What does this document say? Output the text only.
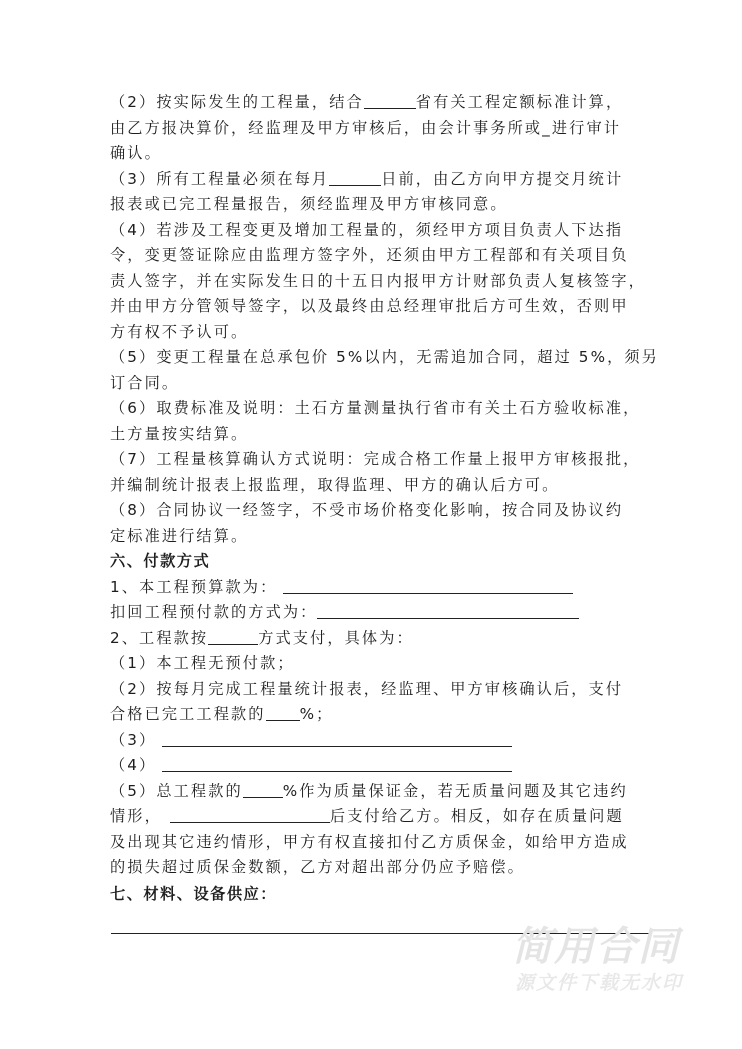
（2）按实际发生的工程量，结合	省有关工程定额标准计算，
由乙方报决算价，经监理及甲方审核后，由会计事务所或_进行审计
确认。
（3）所有工程量必须在每月	日前，由乙方向甲方提交月统计
报表或已完工程量报告，须经监理及甲方审核同意。
（4）若涉及工程变更及增加工程量的，须经甲方项目负责人下达指
令，变更签证除应由监理方签字外，还须由甲方工程部和有关项目负
责人签字，并在实际发生日的十五日内报甲方计财部负责人复核签字，
并由甲方分管领导签字，以及最终由总经理审批后方可生效，否则甲
方有权不予认可。
（5）变更工程量在总承包价 5%以内，无需追加合同，超过 5%，须另
订合同。
（6）取费标准及说明：土石方量测量执行省市有关土石方验收标准，
土方量按实结算。
（7）工程量核算确认方式说明：完成合格工作量上报甲方审核报批，
并编制统计报表上报监理，取得监理、甲方的确认后方可。
（8）合同协议一经签字，不受市场价格变化影响，按合同及协议约
定标准进行结算。
六、付款方式
1、本工程预算款为：
扣回工程预付款的方式为：
2、工程款按	方式支付，具体为：
（1）本工程无预付款；
（2）按每月完成工程量统计报表，经监理、甲方审核确认后，支付
合格已完工工程款的 %；
（3）
（4）
（5）总工程款的	%作为质量保证金，若无质量问题及其它违约
情形，	后支付给乙方。相反，如存在质量问题
及出现其它违约情形，甲方有权直接扣付乙方质保金，如给甲方造成
的损失超过质保金数额，乙方对超出部分仍应予赔偿。
七、材料、设备供应：
简用合同
源文件下载无水印
